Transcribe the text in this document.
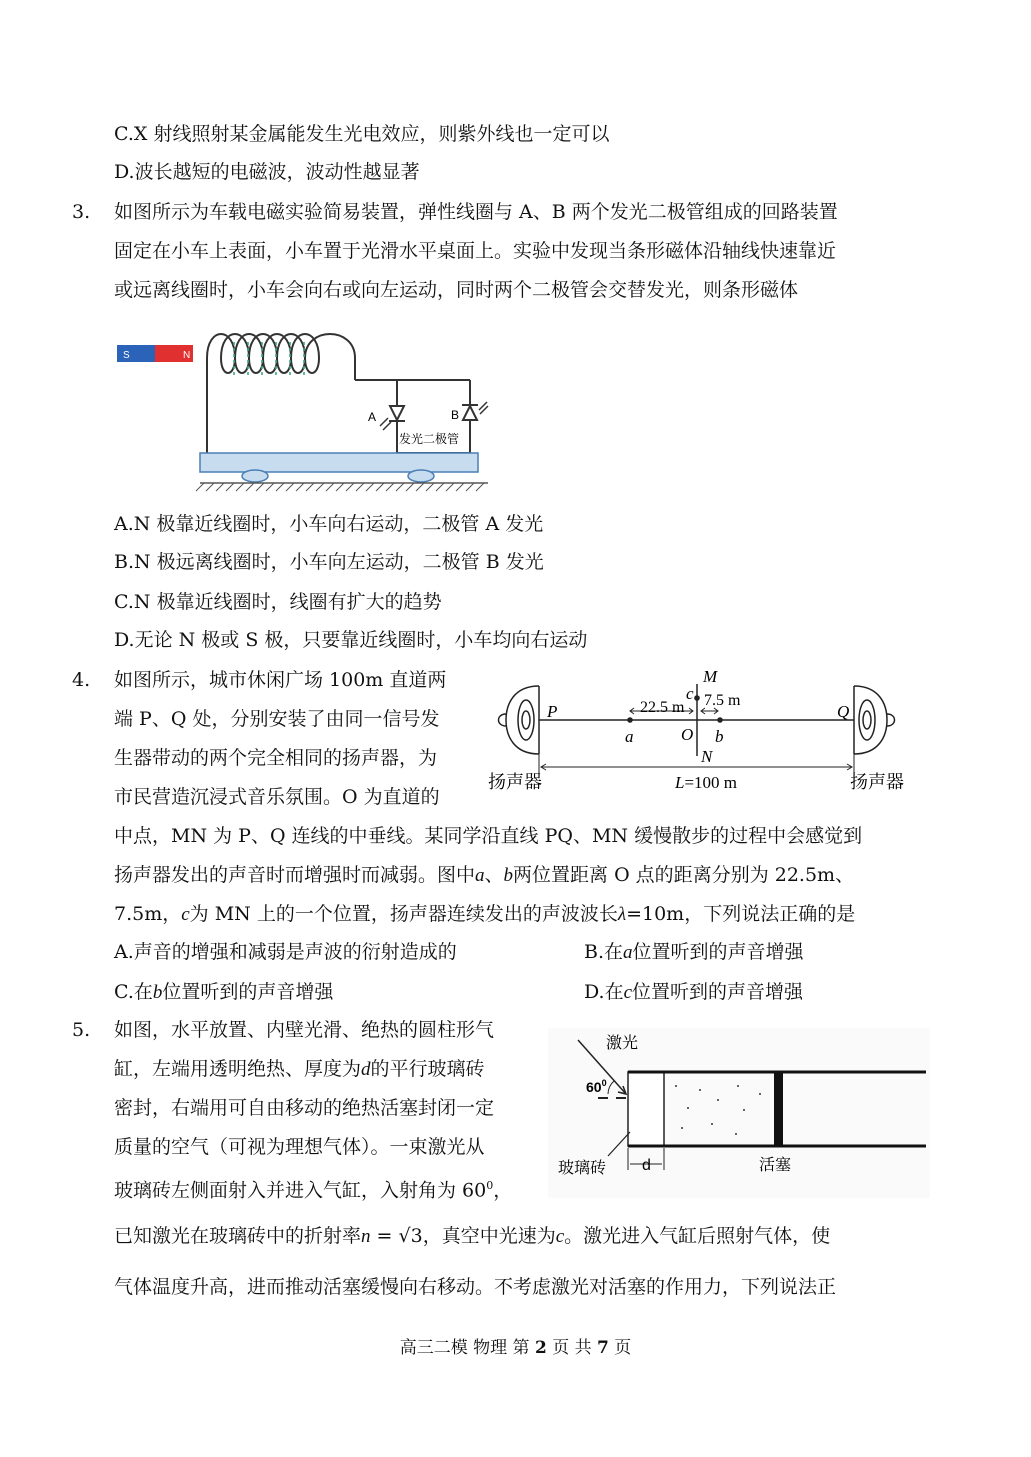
C.X 射线照射某金属能发生光电效应，则紫外线也一定可以
D.波长越短的电磁波，波动性越显著
3. 如图所示为车载电磁实验简易装置，弹性线圈与 A、B 两个发光二极管组成的回路装置
固定在小车上表面，小车置于光滑水平桌面上。实验中发现当条形磁体沿轴线快速靠近
或远离线圈时，小车会向右或向左运动，同时两个二极管会交替发光，则条形磁体
S	N
A	B
发光二极管
A.N 极靠近线圈时，小车向右运动，二极管 A 发光
B.N 极远离线圈时，小车向左运动，二极管 B 发光
C.N 极靠近线圈时，线圈有扩大的趋势
D.无论 N 极或 S 极，只要靠近线圈时，小车均向右运动
4. 如图所示，城市休闲广场 100m 直道两
端 P、Q 处，分别安装了由同一信号发
生器带动的两个完全相同的扬声器，为
市民营造沉浸式音乐氛围。O 为直道的
中点，MN 为 P、Q 连线的中垂线。某同学沿直线 PQ、MN 缓慢散步的过程中会感觉到
扬声器发出的声音时而增强时而减弱。图中a、b两位置距离 O 点的距离分别为 22.5m、
7.5m，c为 MN 上的一个位置，扬声器连续发出的声波波长λ=10m，下列说法正确的是
A.声音的增强和减弱是声波的衍射造成的	B.在a位置听到的声音增强
C.在b位置听到的声音增强	D.在c位置听到的声音增强
P	Q
M
N
O
a	b
c
22.5 m 7.5 m
扬声器	扬声器
L=100 m
5. 如图，水平放置、内壁光滑、绝热的圆柱形气
缸，左端用透明绝热、厚度为d的平行玻璃砖
密封，右端用可自由移动的绝热活塞封闭一定
质量的空气（可视为理想气体）。一束激光从
玻璃砖左侧面射入并进入气缸，入射角为 $60^0$，
已知激光在玻璃砖中的折射率n = √3，真空中光速为c。激光进入气缸后照射气体，使
气体温度升高，进而推动活塞缓慢向右移动。不考虑激光对活塞的作用力，下列说法正
激光
$60^0$
玻璃砖 d	活塞
高三二模 物理 第 2 页 共 7 页
